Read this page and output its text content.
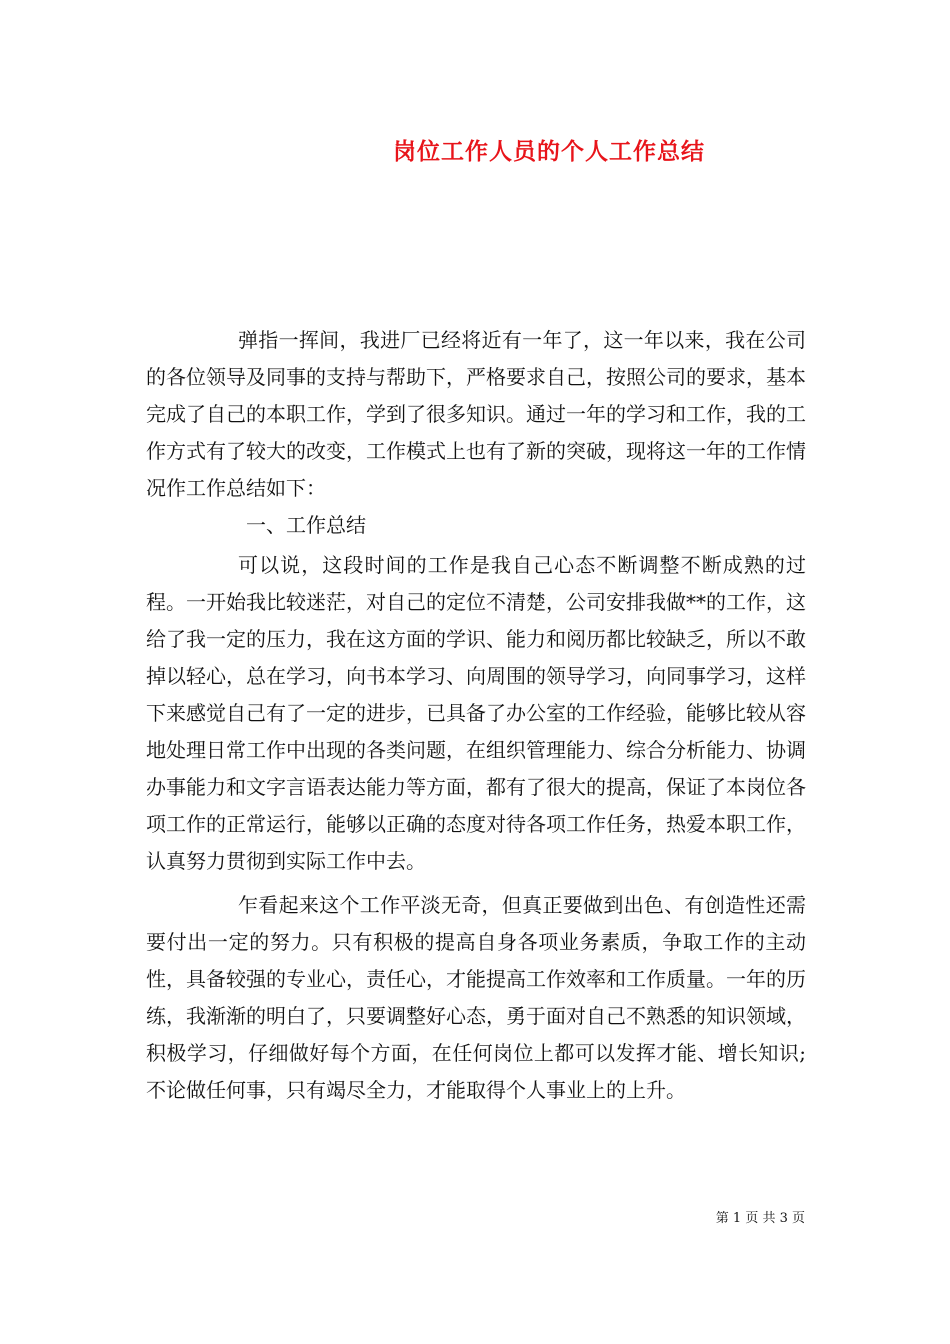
岗位工作人员的个人工作总结

弹指一挥间，我进厂已经将近有一年了，这一年以来，我在公司的各位领导及同事的支持与帮助下，严格要求自己，按照公司的要求，基本完成了自己的本职工作，学到了很多知识。通过一年的学习和工作，我的工作方式有了较大的改变，工作模式上也有了新的突破，现将这一年的工作情况作工作总结如下：

一、工作总结

可以说，这段时间的工作是我自己心态不断调整不断成熟的过程。一开始我比较迷茫，对自己的定位不清楚，公司安排我做**的工作，这给了我一定的压力，我在这方面的学识、能力和阅历都比较缺乏，所以不敢掉以轻心，总在学习，向书本学习、向周围的领导学习，向同事学习，这样下来感觉自己有了一定的进步，已具备了办公室的工作经验，能够比较从容地处理日常工作中出现的各类问题，在组织管理能力、综合分析能力、协调办事能力和文字言语表达能力等方面，都有了很大的提高，保证了本岗位各项工作的正常运行，能够以正确的态度对待各项工作任务，热爱本职工作，认真努力贯彻到实际工作中去。

乍看起来这个工作平淡无奇，但真正要做到出色、有创造性还需要付出一定的努力。只有积极的提高自身各项业务素质，争取工作的主动性，具备较强的专业心，责任心，才能提高工作效率和工作质量。一年的历练，我渐渐的明白了，只要调整好心态，勇于面对自己不熟悉的知识领域，积极学习，仔细做好每个方面，在任何岗位上都可以发挥才能、增长知识;不论做任何事，只有竭尽全力，才能取得个人事业上的上升。

第 1 页 共 3 页
